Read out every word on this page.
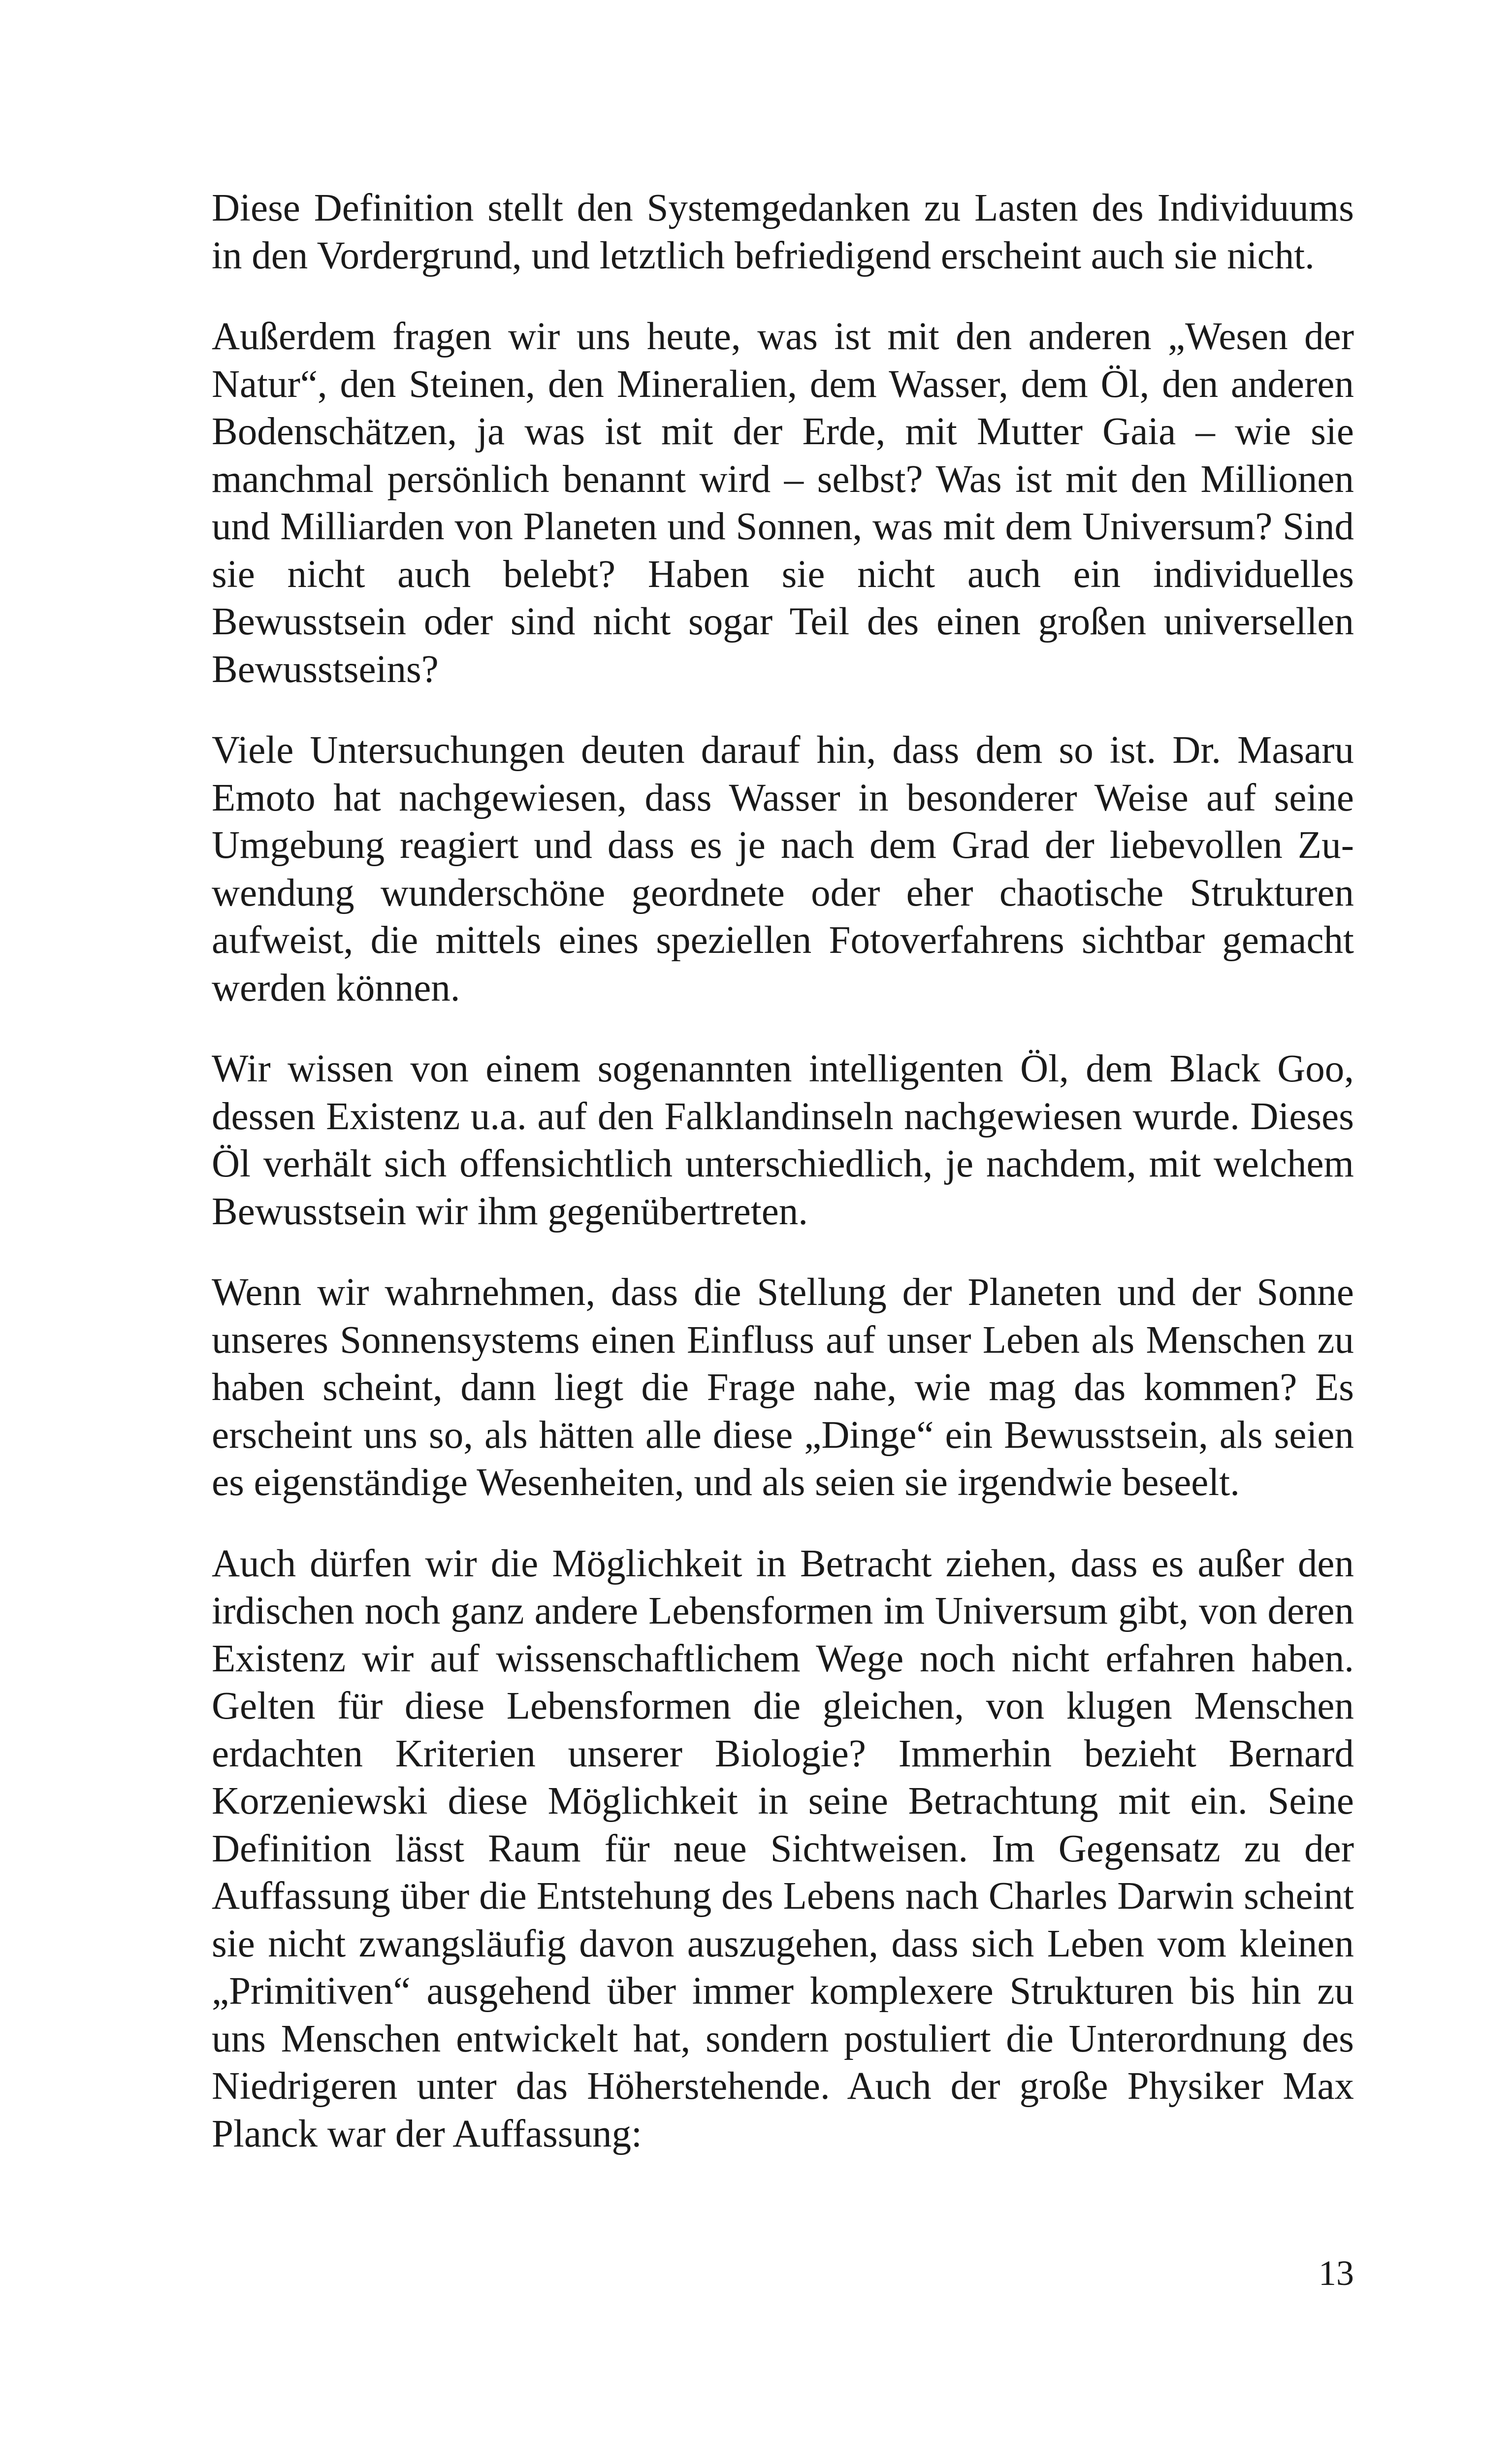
Diese Definition stellt den Systemgedanken zu Lasten des Individuums in den Vordergrund, und letztlich befriedigend erscheint auch sie nicht.

Außerdem fragen wir uns heute, was ist mit den anderen „Wesen der Natur“, den Steinen, den Mineralien, dem Wasser, dem Öl, den anderen Bodenschätzen, ja was ist mit der Erde, mit Mutter Gaia – wie sie manchmal persönlich benannt wird – selbst? Was ist mit den Millionen und Milliarden von Planeten und Sonnen, was mit dem Universum? Sind sie nicht auch belebt? Haben sie nicht auch ein individuelles Bewusstsein oder sind nicht sogar Teil des einen großen universellen Bewusstseins?

Viele Untersuchungen deuten darauf hin, dass dem so ist. Dr. Masaru Emoto hat nachgewiesen, dass Wasser in besonderer Weise auf seine Umgebung reagiert und dass es je nach dem Grad der liebevollen Zuwendung wunderschöne geordnete oder eher chaotische Strukturen aufweist, die mittels eines speziellen Fotoverfahrens sichtbar gemacht werden können.

Wir wissen von einem sogenannten intelligenten Öl, dem Black Goo, dessen Existenz u.a. auf den Falklandinseln nachgewiesen wurde. Dieses Öl verhält sich offensichtlich unterschiedlich, je nachdem, mit welchem Bewusstsein wir ihm gegenübertreten.

Wenn wir wahrnehmen, dass die Stellung der Planeten und der Sonne unseres Sonnensystems einen Einfluss auf unser Leben als Menschen zu haben scheint, dann liegt die Frage nahe, wie mag das kommen? Es erscheint uns so, als hätten alle diese „Dinge“ ein Bewusstsein, als seien es eigenständige Wesenheiten, und als seien sie irgendwie beseelt.

Auch dürfen wir die Möglichkeit in Betracht ziehen, dass es außer den irdischen noch ganz andere Lebensformen im Universum gibt, von deren Existenz wir auf wissenschaftlichem Wege noch nicht erfahren haben. Gelten für diese Lebensformen die gleichen, von klugen Menschen erdachten Kriterien unserer Biologie? Immerhin bezieht Bernard Korzeniewski diese Möglichkeit in seine Betrachtung mit ein. Seine Definition lässt Raum für neue Sichtweisen. Im Gegensatz zu der Auffassung über die Entstehung des Lebens nach Charles Darwin scheint sie nicht zwangsläufig davon auszugehen, dass sich Leben vom kleinen „Primitiven“ ausgehend über immer komplexere Strukturen bis hin zu uns Menschen entwickelt hat, sondern postuliert die Unterordnung des Niedrigeren unter das Höherstehende. Auch der große Physiker Max Planck war der Auffassung:

13
